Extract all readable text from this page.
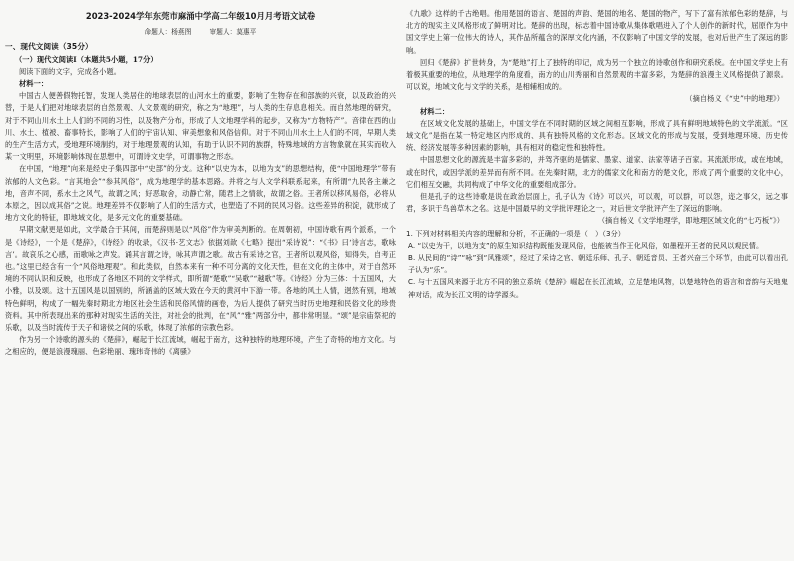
2023-2024学年东莞市麻涌中学高二年级10月月考语文试卷
命题人：杨燕图	审题人：莫惠平
一、现代文阅读（35分）
（一）现代文阅读Ⅰ（本题共5小题，17分）

阅读下面的文字，完成各小题。

材料一：

中国古人便善假物托智，发现人类居住的地球表层的山河水土的重要，影响了生物存在和部族的兴衰，以及政治的兴替，于是人们把对地球表层的自然景观、人文景观的研究，称之为“地理”，与人类的生存息息相关。而自然地理的研究，对于不同山川水土上人们的不同的习性，以及物产分布，形成了人文地理学科的起步，又称为“方物特产”。音律在西的山川、水土、植被、畜事特长，影响了人们的宇宙认知、审美想象和风俗信仰。对于不同山川水土上人们的不同，早期人类的生产生活方式，受地理环境制约，对于地理景观的认知，有助于认识不同的族群，特殊地域的方言物象就在其实而收入某一文明里，环境影响体现在思想中，可谓诗文史学，可谓事物之形态。

在中国，“地理”向来是经史子集四部中“史部”的分支。这种“以史为本，以地为支”的思想结构，使“中国地理学”带有浓郁的人文色彩。“言其地会”“参其风俗”，成为地理学的基本思路。并将之与人文学科联系起来，有所谓“九民各主兼之地，音声不同，系水土之风气，故谓之风；好恶取舍，动静亡常，随君上之情欲，故谓之俗。王者所以移风易俗，必将从本原之，因以成其俗”之说。地理差异不仅影响了人们的生活方式，也塑造了不同的民风习俗。这些差异的积淀，就形成了地方文化的特征，即地域文化，是多元文化的重要基础。

早期文献更是如此，文学最合于其间，而楚辞则是以“风俗”作为审美判断的。在周朝初，中国诗歌有两个派系，一个是《诗经》，一个是《楚辞》，《诗经》的收录，《汉书·艺文志》依据刘歆《七略》提出“采诗说”：“《书》曰‘诗言志，歌咏言’。故哀乐之心感，而歌咏之声发。诵其言谓之诗，咏其声谓之歌。故古有采诗之官，王者所以观风俗，知得失，自考正也。”这里已经含有一个“风俗地理观”。和此类似，自然本来有一种不可分离的文化天性，但在文化的主体中，对于自然环境的不同认识和反映，也形成了各地区不同的文学样式，即所谓“楚歌”“吴歌”“越歌”等。《诗经》分为三体：十五国风，大小雅，以及颂。这十五国风是以国别的，所涵盖的区域大致在今天的黄河中下游一带。各地的风土人情，迥然有别，地域特色鲜明，构成了一幅先秦时期北方地区社会生活和民俗风情的画卷，为后人提供了研究当时历史地理和民俗文化的珍贵资料。其中所表现出来的那种对现实生活的关注，对社会的批判，在“风”“雅”两部分中，都非常明显。“颂”是宗庙祭祀的乐歌，以及当时流传于天子和诸侯之间的乐歌，体现了浓郁的宗教色彩。

作为另一个诗歌的源头的《楚辞》，崛起于长江流域，崛起于南方，这种独特的地理环境，产生了奇特的地方文化。与之相应的，便是浪漫瑰丽、色彩艳丽、瑰玮奇伟的《离骚》

《九歌》这样的千古绝唱。他用楚国的语言、楚国的声韵、楚国的地名、楚国的物产，写下了富有浓郁色彩的楚辞，与北方的现实主义风格形成了鲜明对比。楚辞的出现，标志着中国诗歌从集体歌唱进入了个人创作的新时代，屈原作为中国文学史上第一位伟大的诗人，其作品所蕴含的深厚文化内涵，不仅影响了中国文学的发展，也对后世产生了深远的影响。

回归《楚辞》扩世转身，为“楚地”打上了独特的印记，成为另一个独立的诗歌创作和研究系统。在中国文学史上有着极其重要的地位，从地理学的角度看，南方的山川秀丽和自然景观的丰富多彩，为楚辞的浪漫主义风格提供了源泉。可以说，地域文化与文学的关系，是相辅相成的。

（摘自杨义《“史”中的地理》）

材料二：

在区域文化发展的基础上，中国文学在不同时期的区域之间相互影响，形成了具有鲜明地域特色的文学流派。“区域文化”是指在某一特定地区内形成的、具有独特风格的文化形态。区域文化的形成与发展，受到地理环境、历史传统、经济发展等多种因素的影响，具有相对的稳定性和独特性。

中国思想文化的源流是丰富多彩的，并驾齐驱的是儒家、墨家、道家、法家等诸子百家。其流派形成，或在地域，或在时代，或因学派的差异而有所不同。在先秦时期，北方的儒家文化和南方的楚文化，形成了两个重要的文化中心，它们相互交融，共同构成了中华文化的重要组成部分。

但是孔子的这些诗歌是说在政治层面上，孔子认为《诗》可以兴，可以观，可以群，可以怨，迩之事父，远之事君，多识于鸟兽草木之名。这是中国最早的文学批评理论之一，对后世文学批评产生了深远的影响。

（摘自杨义《文学地理学，即地理区域文化的“七巧板”》）

1. 下列对材料相关内容的理解和分析，不正确的一项是（　）（3分）

A. “以史为干，以地为支”的原生知识结构既能发现风俗，也能被当作王化风俗，如墨程开王者的民风以观民情。

B. 从民间的“诗”“咏”到“风雅颂”，经过了采诗之官、朝廷乐师、孔子、朝廷音员、王者兴奋三个环节，由此可以看出孔子认为“乐”。

C. 与十五国风来源于北方不同的独立系统《楚辞》崛起在长江流域，立足楚地风物，以楚地特色的语言和音韵与天地鬼神对话，成为长江文明的诗学源头。
